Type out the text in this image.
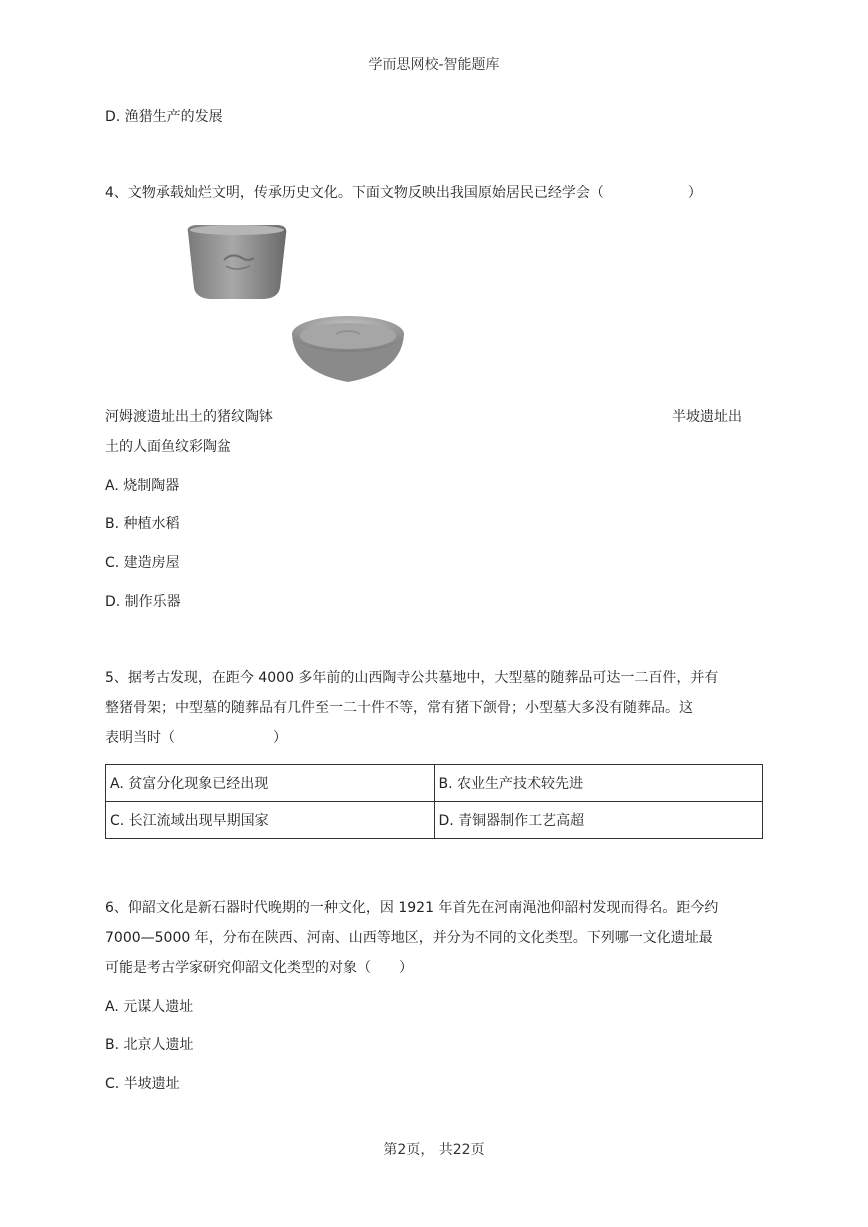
学而思网校-智能题库
D. 渔猎生产的发展
4、文物承载灿烂文明，传承历史文化。下面文物反映出我国原始居民已经学会（　　　　　　）
河姆渡遗址出土的猪纹陶钵	半坡遗址出
土的人面鱼纹彩陶盆
A. 烧制陶器
B. 种植水稻
C. 建造房屋
D. 制作乐器
5、据考古发现，在距今 4000 多年前的山西陶寺公共墓地中，大型墓的随葬品可达一二百件，并有
整猪骨架；中型墓的随葬品有几件至一二十件不等，常有猪下颌骨；小型墓大多没有随葬品。这
表明当时（　　　　　　　）
A. 贫富分化现象已经出现	B. 农业生产技术较先进
C. 长江流域出现早期国家	D. 青铜器制作工艺高超
6、仰韶文化是新石器时代晚期的一种文化，因 1921 年首先在河南渑池仰韶村发现而得名。距今约
7000—5000 年，分布在陕西、河南、山西等地区，并分为不同的文化类型。下列哪一文化遗址最
可能是考古学家研究仰韶文化类型的对象（　　）
A. 元谋人遗址
B. 北京人遗址
C. 半坡遗址
第2页， 共22页
